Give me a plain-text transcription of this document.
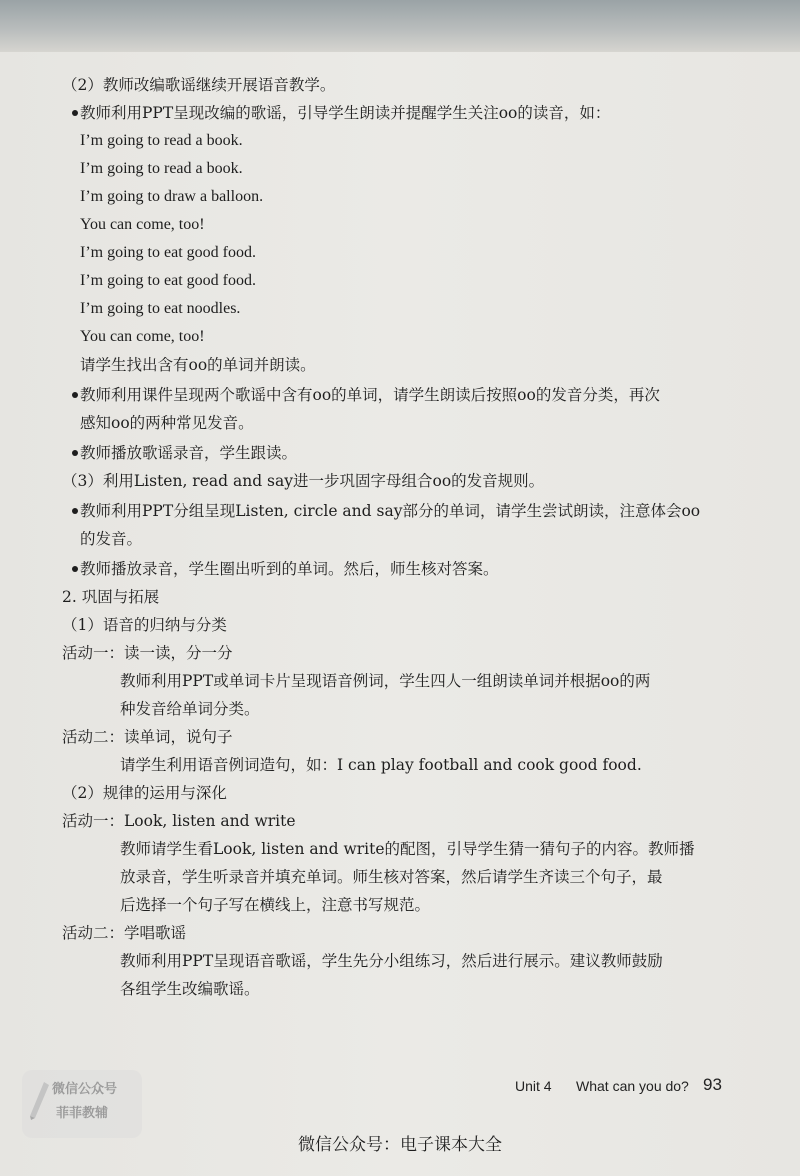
（2）教师改编歌谣继续开展语音教学。
教师利用PPT呈现改编的歌谣，引导学生朗读并提醒学生关注oo的读音，如：
I’m going to read a book.
I’m going to read a book.
I’m going to draw a balloon.
You can come, too!
I’m going to eat good food.
I’m going to eat good food.
I’m going to eat noodles.
You can come, too!
请学生找出含有oo的单词并朗读。
教师利用课件呈现两个歌谣中含有oo的单词，请学生朗读后按照oo的发音分类，再次
感知oo的两种常见发音。
教师播放歌谣录音，学生跟读。
（3）利用Listen, read and say进一步巩固字母组合oo的发音规则。
教师利用PPT分组呈现Listen, circle and say部分的单词，请学生尝试朗读，注意体会oo
的发音。
教师播放录音，学生圈出听到的单词。然后，师生核对答案。
2. 巩固与拓展
（1）语音的归纳与分类
活动一：读一读，分一分
教师利用PPT或单词卡片呈现语音例词，学生四人一组朗读单词并根据oo的两
种发音给单词分类。
活动二：读单词，说句子
请学生利用语音例词造句，如：I can play football and cook good food.
（2）规律的运用与深化
活动一：Look, listen and write
教师请学生看Look, listen and write的配图，引导学生猜一猜句子的内容。教师播
放录音，学生听录音并填充单词。师生核对答案，然后请学生齐读三个句子，最
后选择一个句子写在横线上，注意书写规范。
活动二：学唱歌谣
教师利用PPT呈现语音歌谣，学生先分小组练习，然后进行展示。建议教师鼓励
各组学生改编歌谣。
微信公众号
菲菲教辅
Unit 4 What can you do? 93
微信公众号：电子课本大全
